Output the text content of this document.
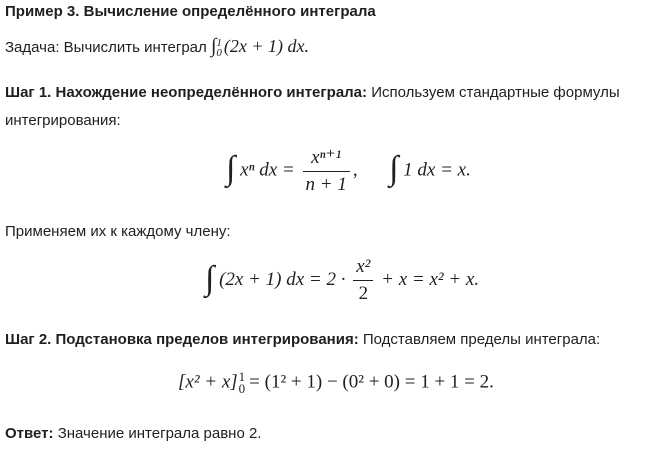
Пример 3. Вычисление определённого интеграла
Задача: Вычислить интеграл ∫ 1
0 (2x + 1) dx.
Шаг 1. Нахождение неопределённого интеграла: Используем стандартные формулы
интегрирования:
∫ xⁿ dx = $\frac{\text{xⁿ⁺¹}}{n + 1}$ , ∫ 1 dx = x.
Применяем их к каждому члену:
∫ (2x + 1) dx = $2 \cdot \frac{\text{x²}}{2} + x = x^2 + x$.
Шаг 2. Подстановка пределов интегрирования: Подставляем пределы интеграла:
[x² + x] 1
0 = (1² + 1) − (0² + 0) = 1 + 1 = 2.
Ответ: Значение интеграла равно 2.
